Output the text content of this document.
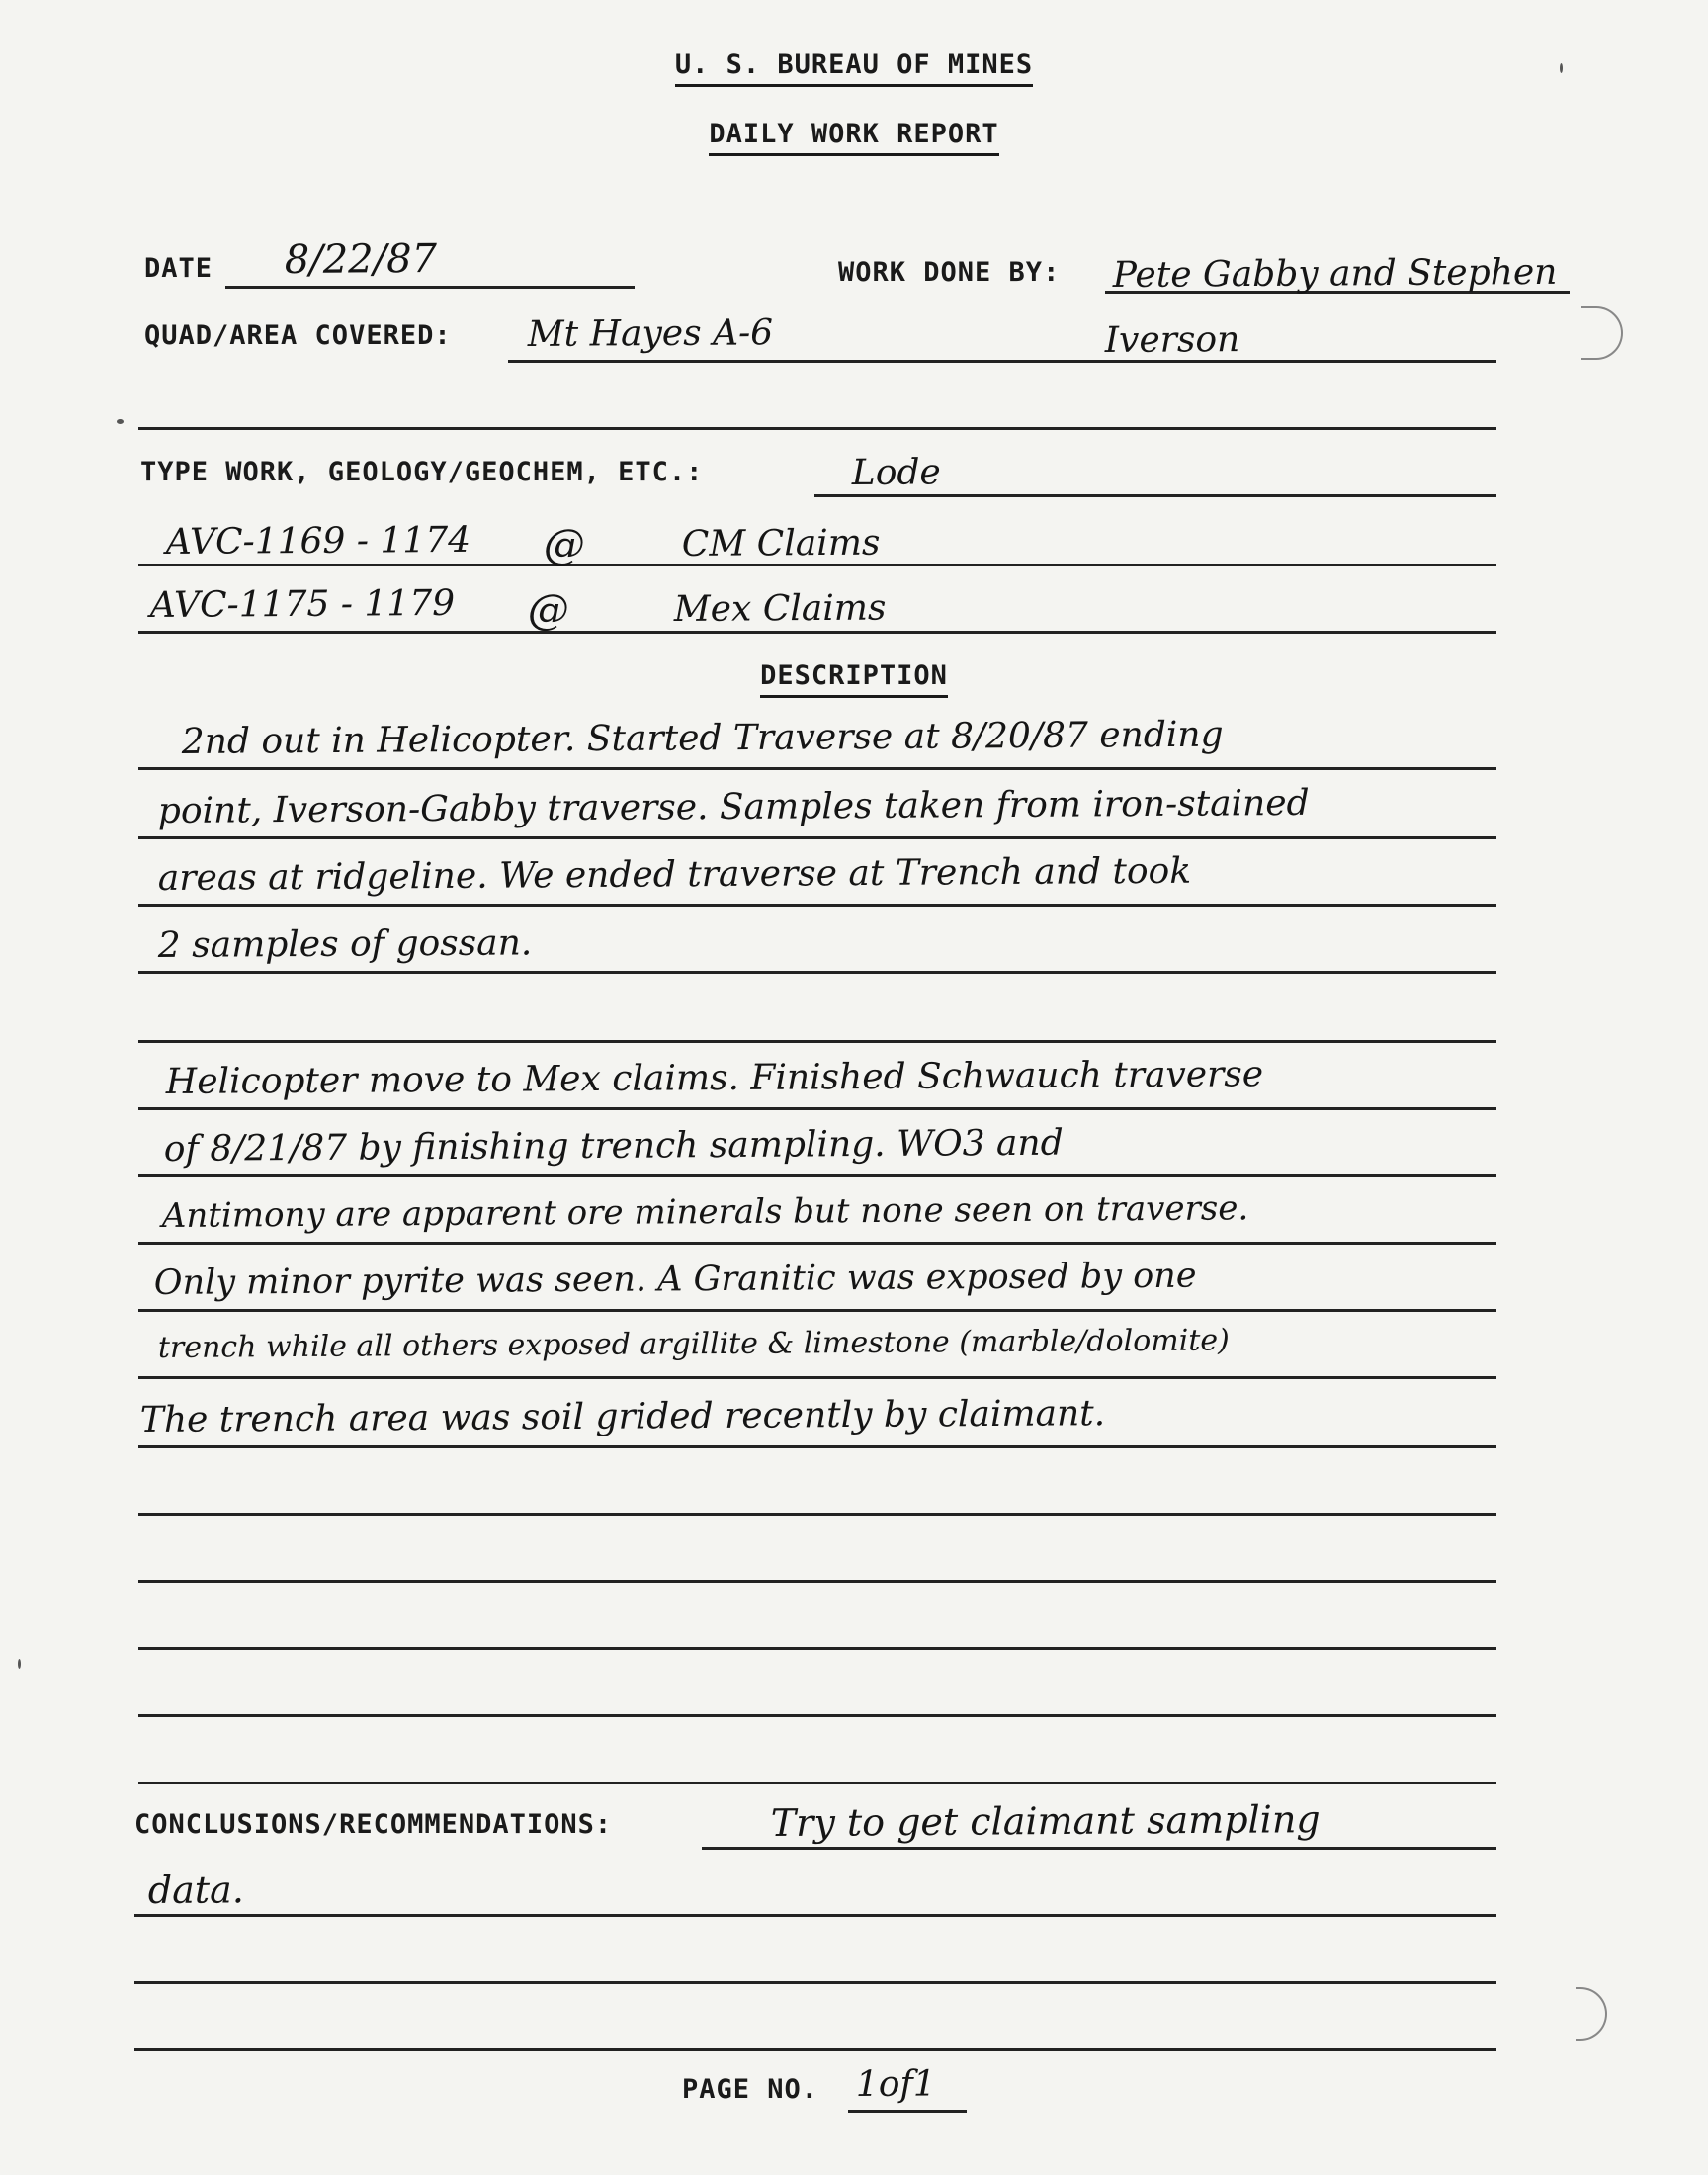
U. S. BUREAU OF MINES
DAILY WORK REPORT
DATE 8/22/87	WORK DONE BY: Pete Gabby and Stephen
QUAD/AREA COVERED: Mt Hayes A-6	Iverson
TYPE WORK, GEOLOGY/GEOCHEM, ETC.:	Lode
AVC-1169 - 1174 @	CM Claims
AVC-1175 - 1179 @	Mex Claims
DESCRIPTION
2nd out in Helicopter. Started Traverse at 8/20/87 ending
point, Iverson-Gabby traverse. Samples taken from iron-stained
areas at ridgeline. We ended traverse at Trench and took
2 samples of gossan.
Helicopter move to Mex claims. Finished Schwauch traverse
of 8/21/87 by finishing trench sampling. WO3 and
Antimony are apparent ore minerals but none seen on traverse.
Only minor pyrite was seen. A Granitic was exposed by one
trench while all others exposed argillite & limestone (marble/dolomite)
The trench area was soil grided recently by claimant.
CONCLUSIONS/RECOMMENDATIONS:	Try to get claimant sampling
data.
PAGE NO. 1of1
